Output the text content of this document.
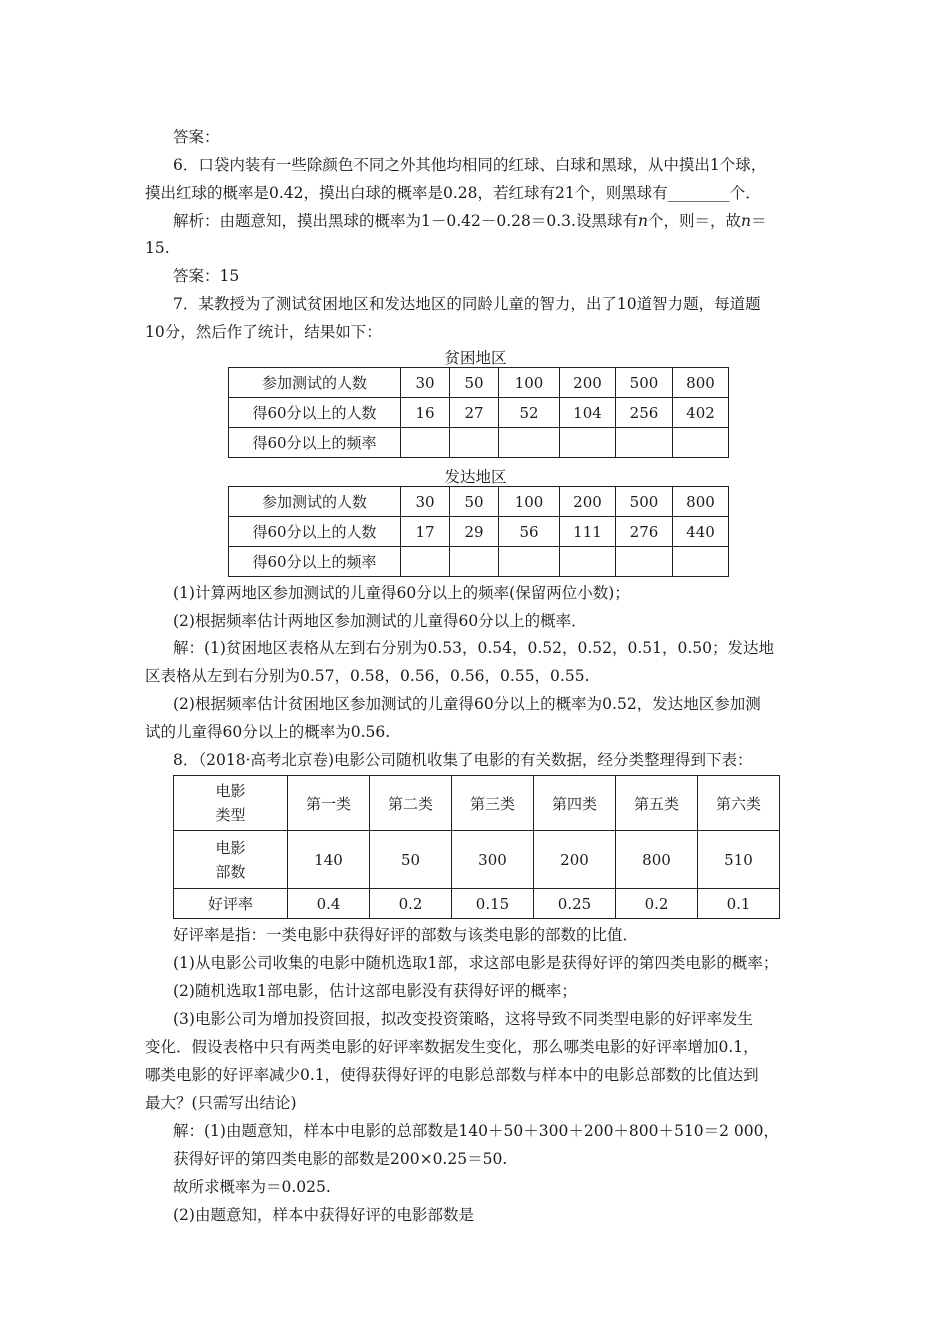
答案：
6．口袋内装有一些除颜色不同之外其他均相同的红球、白球和黑球，从中摸出1个球，
摸出红球的概率是0.42，摸出白球的概率是0.28，若红球有21个，则黑球有________个．
解析：由题意知，摸出黑球的概率为1－0.42－0.28＝0.3.设黑球有n个，则＝，故n＝
15.
答案：15
7．某教授为了测试贫困地区和发达地区的同龄儿童的智力，出了10道智力题，每道题
10分，然后作了统计，结果如下：
贫困地区
参加测试的人数	30	50	100	200	500	800
得60分以上的人数	16	27	52	104	256	402
得60分以上的频率						
发达地区
参加测试的人数	30	50	100	200	500	800
得60分以上的人数	17	29	56	111	276	440
得60分以上的频率						
(1)计算两地区参加测试的儿童得60分以上的频率(保留两位小数)；
(2)根据频率估计两地区参加测试的儿童得60分以上的概率．
解：(1)贫困地区表格从左到右分别为0.53，0.54，0.52，0.52，0.51，0.50；发达地
区表格从左到右分别为0.57，0.58，0.56，0.56，0.55，0.55.
(2)根据频率估计贫困地区参加测试的儿童得60分以上的概率为0.52，发达地区参加测
试的儿童得60分以上的概率为0.56.
8．（2018·高考北京卷)电影公司随机收集了电影的有关数据，经分类整理得到下表：
电影
类型	第一类	第二类	第三类	第四类	第五类	第六类
电影
部数	140	50	300	200	800	510
好评率	0.4	0.2	0.15	0.25	0.2	0.1
好评率是指：一类电影中获得好评的部数与该类电影的部数的比值．
(1)从电影公司收集的电影中随机选取1部，求这部电影是获得好评的第四类电影的概率；
(2)随机选取1部电影，估计这部电影没有获得好评的概率；
(3)电影公司为增加投资回报，拟改变投资策略，这将导致不同类型电影的好评率发生
变化．假设表格中只有两类电影的好评率数据发生变化，那么哪类电影的好评率增加0.1，
哪类电影的好评率减少0.1，使得获得好评的电影总部数与样本中的电影总部数的比值达到
最大？(只需写出结论)
解：(1)由题意知，样本中电影的总部数是140＋50＋300＋200＋800＋510＝2 000，
获得好评的第四类电影的部数是200×0.25＝50.
故所求概率为＝0.025.
(2)由题意知，样本中获得好评的电影部数是
